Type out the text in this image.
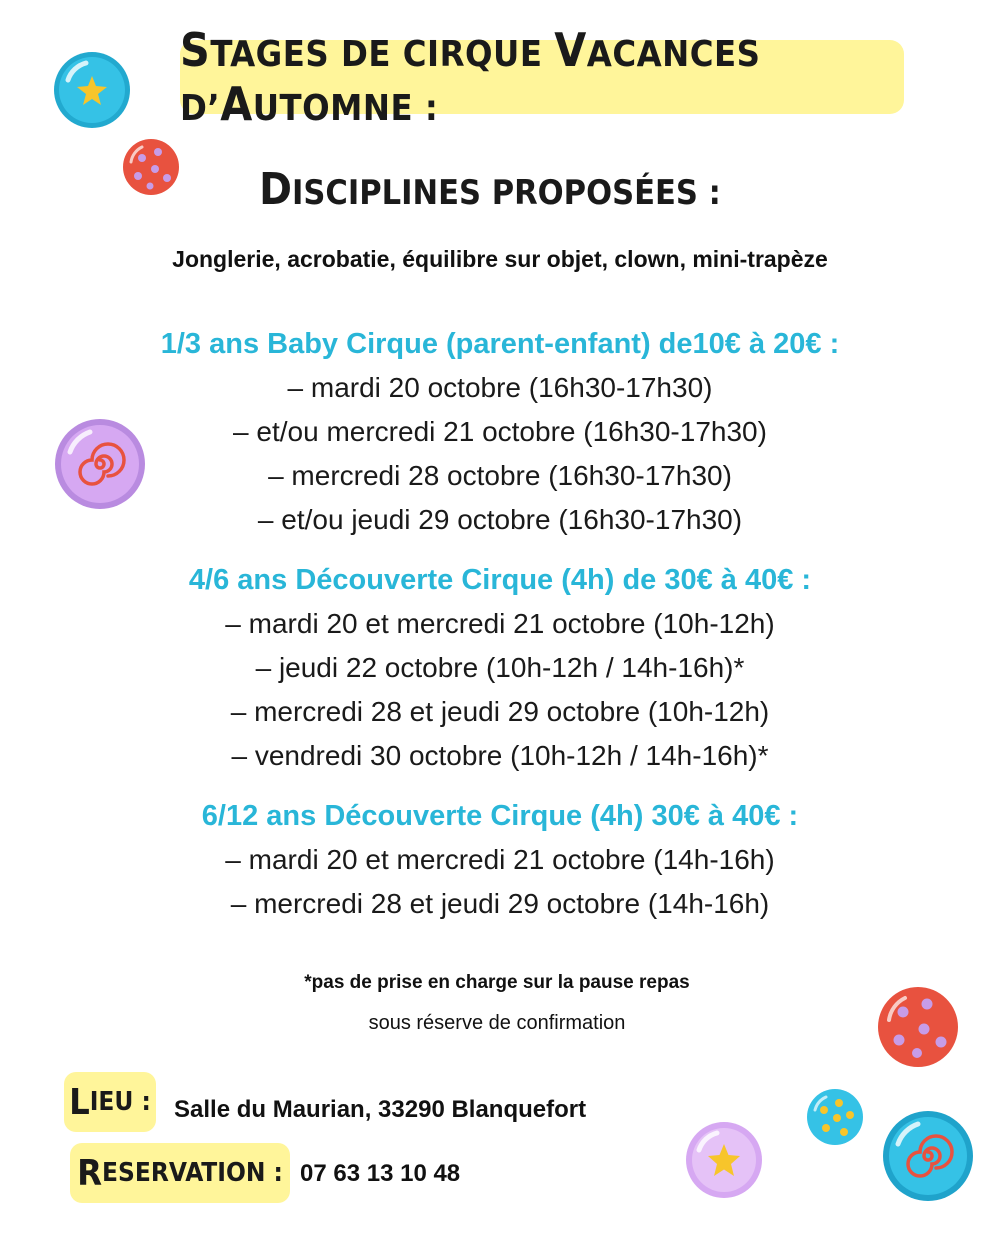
STAGES DE CIRQUE VACANCES D’AUTOMNE :
DISCIPLINES PROPOSÉES :
Jonglerie, acrobatie, équilibre sur objet, clown, mini-trapèze
1/3 ans Baby Cirque (parent-enfant) de10€ à 20€ :
– mardi 20 octobre (16h30-17h30)
– et/ou mercredi 21 octobre (16h30-17h30)
– mercredi 28 octobre (16h30-17h30)
– et/ou jeudi 29 octobre (16h30-17h30)
4/6 ans Découverte Cirque (4h) de 30€ à 40€ :
– mardi 20 et mercredi 21 octobre (10h-12h)
– jeudi 22 octobre (10h-12h / 14h-16h)*
– mercredi 28 et jeudi 29 octobre (10h-12h)
– vendredi 30 octobre (10h-12h / 14h-16h)*
6/12 ans Découverte Cirque (4h) 30€ à 40€ :
– mardi 20 et mercredi 21 octobre (14h-16h)
– mercredi 28 et jeudi 29 octobre (14h-16h)
*pas de prise en charge sur la pause repas
sous réserve de confirmation
L IEU : Salle du Maurian, 33290 Blanquefort
R ESERVATION : 07 63 13 10 48
